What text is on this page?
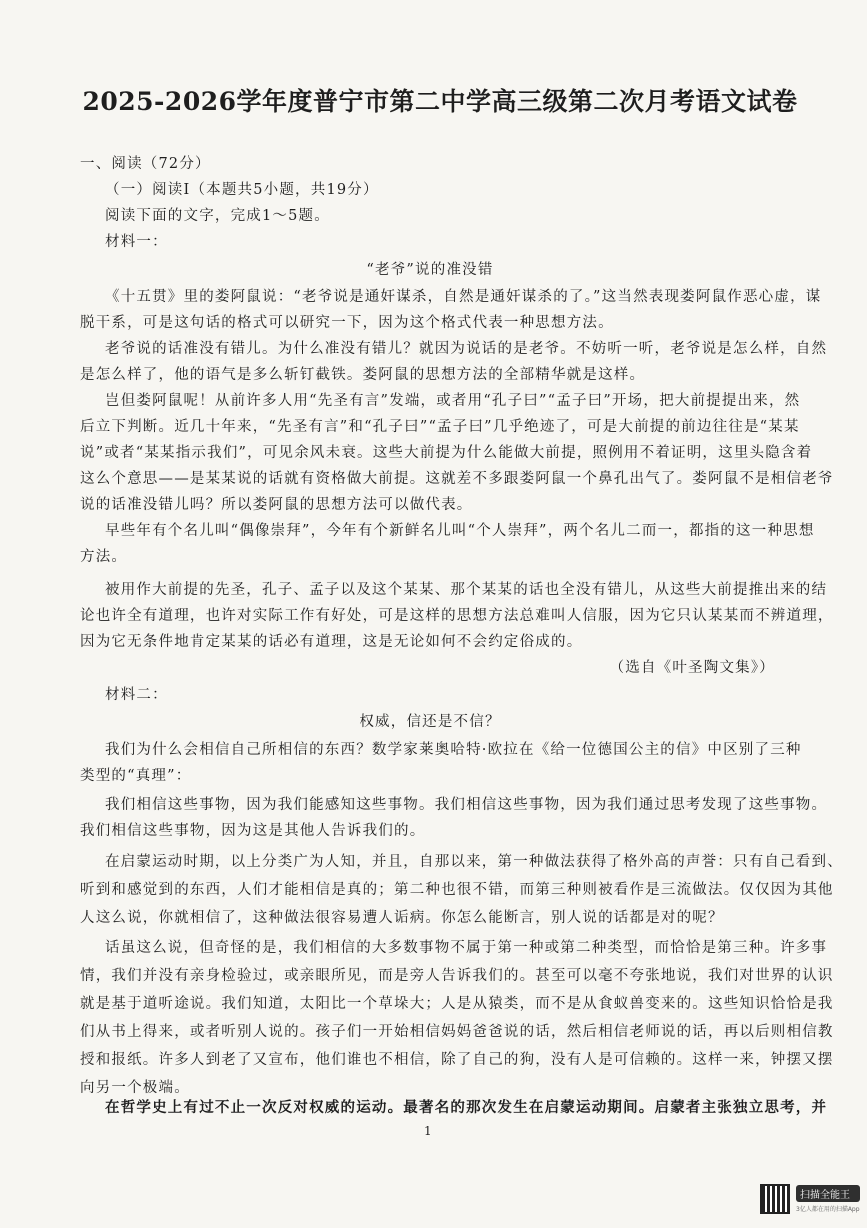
2025-2026学年度普宁市第二中学高三级第二次月考语文试卷
一、阅读（72分）
（一）阅读Ⅰ（本题共5小题，共19分）
阅读下面的文字，完成1～5题。
材料一：
“老爷”说的准没错
《十五贯》里的娄阿鼠说：“老爷说是通奸谋杀，自然是通奸谋杀的了。”这当然表现娄阿鼠作恶心虚，谋
脱干系，可是这句话的格式可以研究一下，因为这个格式代表一种思想方法。
老爷说的话准没有错儿。为什么准没有错儿？就因为说话的是老爷。不妨听一听，老爷说是怎么样，自然
是怎么样了，他的语气是多么斩钉截铁。娄阿鼠的思想方法的全部精华就是这样。
岂但娄阿鼠呢！从前许多人用“先圣有言”发端，或者用“孔子曰”“孟子曰”开场，把大前提提出来，然
后立下判断。近几十年来，“先圣有言”和“孔子曰”“孟子曰”几乎绝迹了，可是大前提的前边往往是“某某
说”或者“某某指示我们”，可见余风未衰。这些大前提为什么能做大前提，照例用不着证明，这里头隐含着
这么个意思——是某某说的话就有资格做大前提。这就差不多跟娄阿鼠一个鼻孔出气了。娄阿鼠不是相信老爷
说的话准没错儿吗？所以娄阿鼠的思想方法可以做代表。
早些年有个名儿叫“偶像崇拜”，今年有个新鲜名儿叫“个人崇拜”，两个名儿二而一，都指的这一种思想
方法。
被用作大前提的先圣，孔子、孟子以及这个某某、那个某某的话也全没有错儿，从这些大前提推出来的结
论也许全有道理，也许对实际工作有好处，可是这样的思想方法总难叫人信服，因为它只认某某而不辨道理，
因为它无条件地肯定某某的话必有道理，这是无论如何不会约定俗成的。
（选自《叶圣陶文集》）
材料二：
权威，信还是不信？
我们为什么会相信自己所相信的东西？数学家莱奥哈特·欧拉在《给一位德国公主的信》中区别了三种
类型的“真理”：
我们相信这些事物，因为我们能感知这些事物。我们相信这些事物，因为我们通过思考发现了这些事物。
我们相信这些事物，因为这是其他人告诉我们的。
在启蒙运动时期，以上分类广为人知，并且，自那以来，第一种做法获得了格外高的声誉：只有自己看到、
听到和感觉到的东西，人们才能相信是真的；第二种也很不错，而第三种则被看作是三流做法。仅仅因为其他
人这么说，你就相信了，这种做法很容易遭人诟病。你怎么能断言，别人说的话都是对的呢？
话虽这么说，但奇怪的是，我们相信的大多数事物不属于第一种或第二种类型，而恰恰是第三种。许多事
情，我们并没有亲身检验过，或亲眼所见，而是旁人告诉我们的。甚至可以毫不夸张地说，我们对世界的认识
就是基于道听途说。我们知道，太阳比一个草垛大；人是从猿类，而不是从食蚁兽变来的。这些知识恰恰是我
们从书上得来，或者听别人说的。孩子们一开始相信妈妈爸爸说的话，然后相信老师说的话，再以后则相信教
授和报纸。许多人到老了又宣布，他们谁也不相信，除了自己的狗，没有人是可信赖的。这样一来，钟摆又摆
向另一个极端。
在哲学史上有过不止一次反对权威的运动。最著名的那次发生在启蒙运动期间。启蒙者主张独立思考，并
1
扫描全能王
3亿人都在用的扫描App
